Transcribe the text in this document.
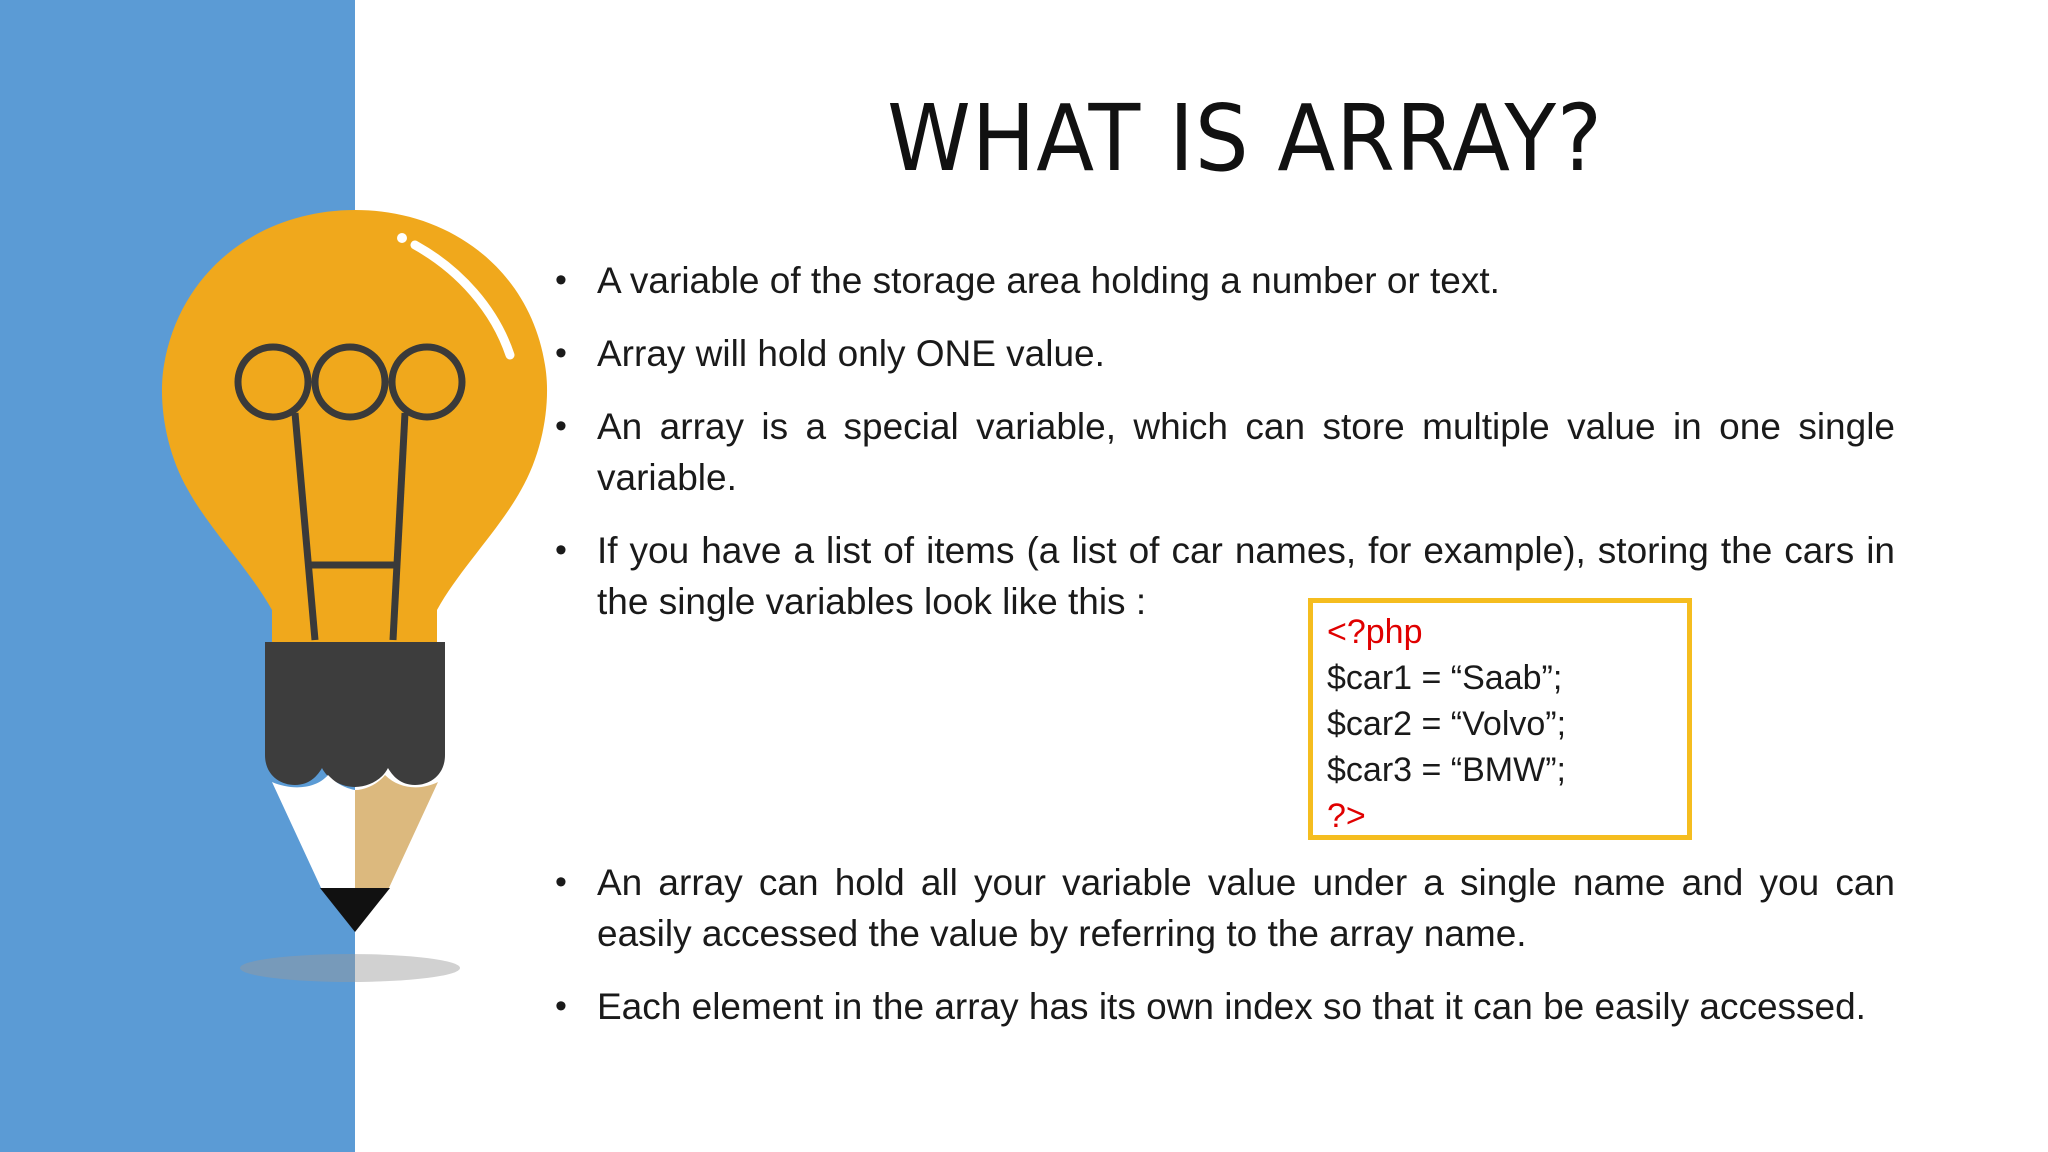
WHAT IS ARRAY?
• A variable of the storage area holding a number or text.
• Array will hold only ONE value.
• An array is a special variable, which can store multiple value in one single variable.
• If you have a list of items (a list of car names, for example), storing the cars in the single variables look like this :
• An array can hold all your variable value under a single name and you can easily accessed the value by referring to the array name.
• Each element in the array has its own index so that it can be easily accessed.
<?php
$car1 = “Saab”;
$car2 = “Volvo”;
$car3 = “BMW”;
?>
